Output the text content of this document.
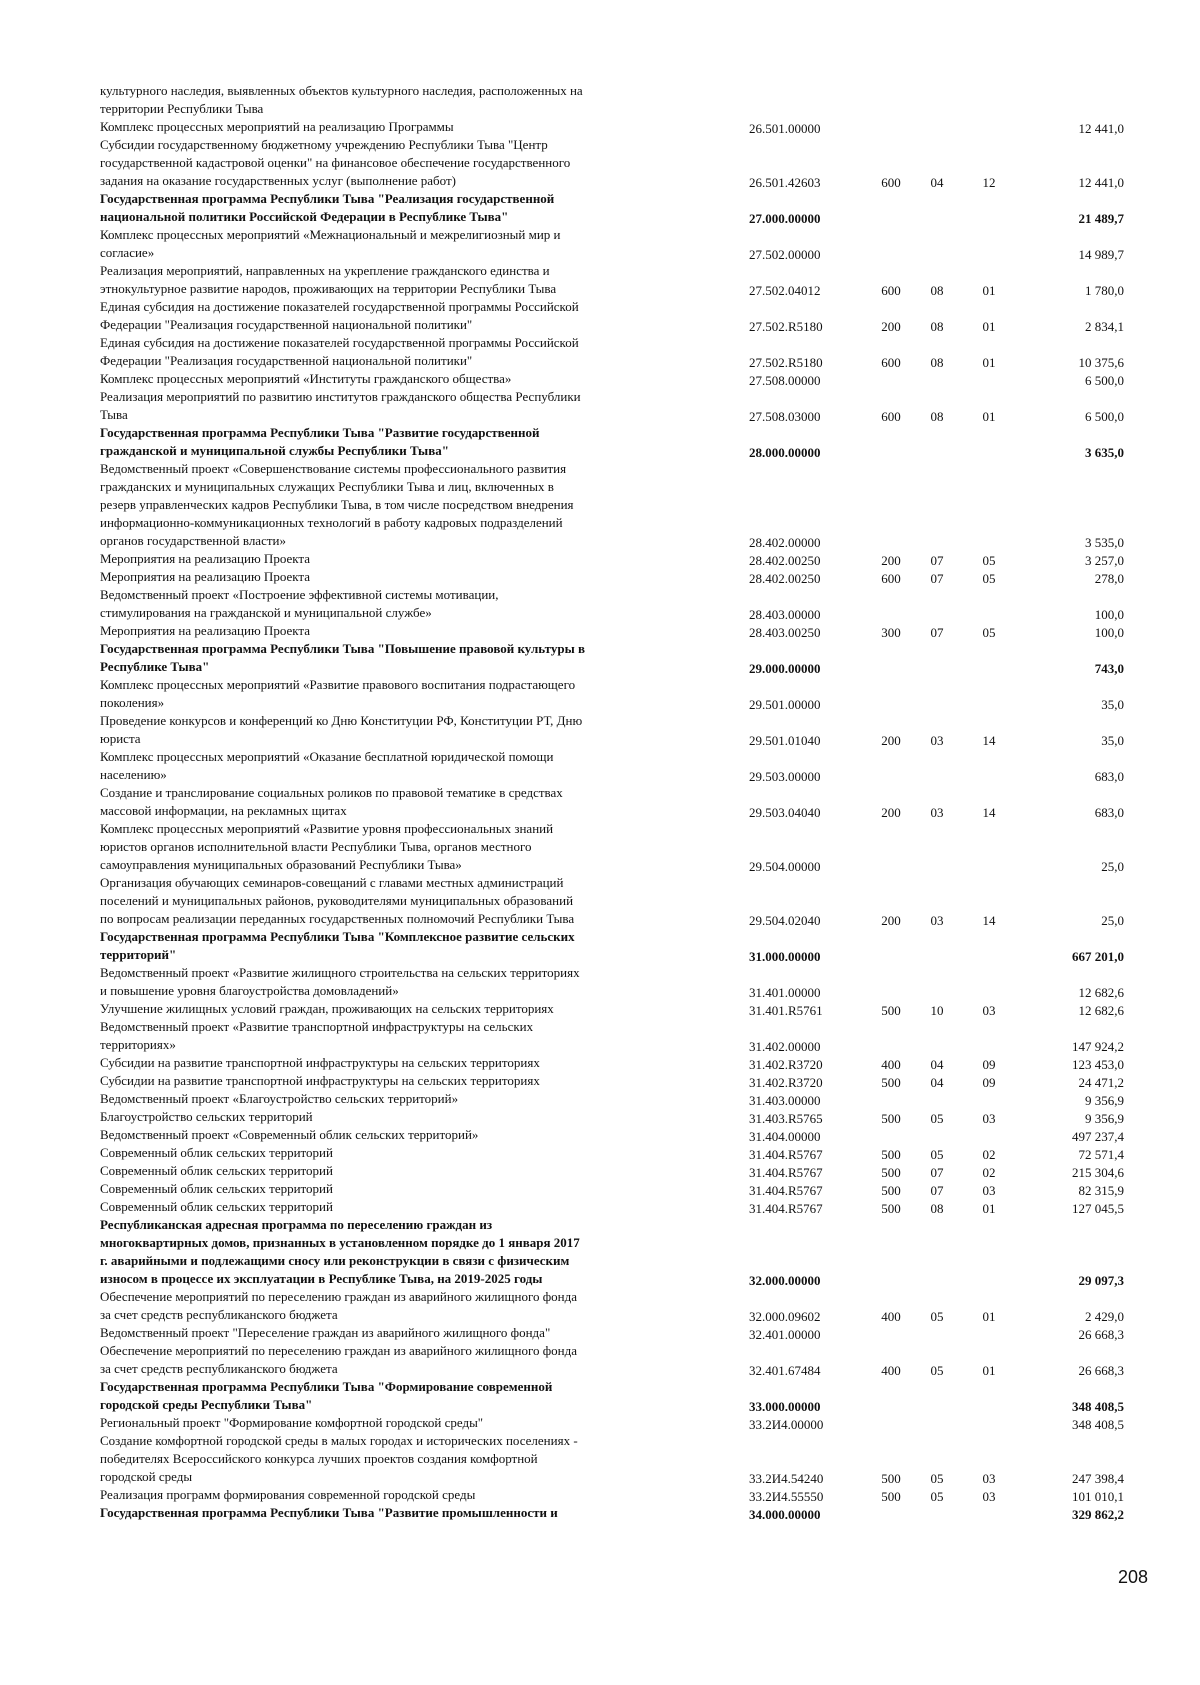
культурного наследия, выявленных объектов культурного наследия, расположенных на
территории Республики Тыва
Комплекс процессных мероприятий на реализацию Программы	26.501.00000	12 441,0
Субсидии государственному бюджетному учреждению Республики Тыва "Центр
государственной кадастровой оценки" на финансовое обеспечение государственного
задания на оказание государственных услуг (выполнение работ)	26.501.42603	600	04	12	12 441,0
Государственная программа Республики Тыва "Реализация государственной
национальной политики Российской Федерации в Республике Тыва"	27.000.00000	21 489,7
Комплекс процессных мероприятий «Межнациональный и межрелигиозный мир и
согласие»	27.502.00000	14 989,7
Реализация мероприятий, направленных на укрепление гражданского единства и
этнокультурное развитие народов, проживающих на территории Республики Тыва	27.502.04012	600	08	01	1 780,0
Единая субсидия на достижение показателей государственной программы Российской
Федерации "Реализация государственной национальной политики"	27.502.R5180	200	08	01	2 834,1
Единая субсидия на достижение показателей государственной программы Российской
Федерации "Реализация государственной национальной политики"	27.502.R5180	600	08	01	10 375,6
Комплекс процессных мероприятий «Институты гражданского общества»	27.508.00000	6 500,0
Реализация мероприятий по развитию институтов гражданского общества Республики
Тыва	27.508.03000	600	08	01	6 500,0
Государственная программа Республики Тыва "Развитие государственной
гражданской и муниципальной службы Республики Тыва"	28.000.00000	3 635,0
Ведомственный проект «Совершенствование системы профессионального развития
гражданских и муниципальных служащих Республики Тыва и лиц, включенных в
резерв управленческих кадров Республики Тыва, в том числе посредством внедрения
информационно-коммуникационных технологий в работу кадровых подразделений
органов государственной власти»	28.402.00000	3 535,0
Мероприятия на реализацию Проекта	28.402.00250	200	07	05	3 257,0
Мероприятия на реализацию Проекта	28.402.00250	600	07	05	278,0
Ведомственный проект «Построение эффективной системы мотивации,
стимулирования на гражданской и муниципальной службе»	28.403.00000	100,0
Мероприятия на реализацию Проекта	28.403.00250	300	07	05	100,0
Государственная программа Республики Тыва "Повышение правовой культуры в
Республике Тыва"	29.000.00000	743,0
Комплекс процессных мероприятий «Развитие правового воспитания подрастающего
поколения»	29.501.00000	35,0
Проведение конкурсов и конференций ко Дню Конституции РФ, Конституции РТ, Дню
юриста	29.501.01040	200	03	14	35,0
Комплекс процессных мероприятий «Оказание бесплатной юридической помощи
населению»	29.503.00000	683,0
Создание и транслирование социальных роликов по правовой тематике в средствах
массовой информации, на рекламных щитах	29.503.04040	200	03	14	683,0
Комплекс процессных мероприятий «Развитие уровня профессиональных знаний
юристов органов исполнительной власти Республики Тыва, органов местного
самоуправления муниципальных образований Республики Тыва»	29.504.00000	25,0
Организация обучающих семинаров-совещаний с главами местных администраций
поселений и муниципальных районов, руководителями муниципальных образований
по вопросам реализации переданных государственных полномочий Республики Тыва	29.504.02040	200	03	14	25,0
Государственная программа Республики Тыва "Комплексное развитие сельских
территорий"	31.000.00000	667 201,0
Ведомственный проект «Развитие жилищного строительства на сельских территориях
и повышение уровня благоустройства домовладений»	31.401.00000	12 682,6
Улучшение жилищных условий граждан, проживающих на сельских территориях	31.401.R5761	500	10	03	12 682,6
Ведомственный проект «Развитие транспортной инфраструктуры на сельских
территориях»	31.402.00000	147 924,2
Субсидии на развитие транспортной инфраструктуры на сельских территориях	31.402.R3720	400	04	09	123 453,0
Субсидии на развитие транспортной инфраструктуры на сельских территориях	31.402.R3720	500	04	09	24 471,2
Ведомственный проект «Благоустройство сельских территорий»	31.403.00000	9 356,9
Благоустройство сельских территорий	31.403.R5765	500	05	03	9 356,9
Ведомственный проект «Современный облик сельских территорий»	31.404.00000	497 237,4
Современный облик сельских территорий	31.404.R5767	500	05	02	72 571,4
Современный облик сельских территорий	31.404.R5767	500	07	02	215 304,6
Современный облик сельских территорий	31.404.R5767	500	07	03	82 315,9
Современный облик сельских территорий	31.404.R5767	500	08	01	127 045,5
Республиканская адресная программа по переселению граждан из
многоквартирных домов, признанных в установленном порядке до 1 января 2017
г. аварийными и подлежащими сносу или реконструкции в связи с физическим
износом в процессе их эксплуатации в Республике Тыва, на 2019-2025 годы	32.000.00000	29 097,3
Обеспечение мероприятий по переселению граждан из аварийного жилищного фонда
за счет средств республиканского бюджета	32.000.09602	400	05	01	2 429,0
Ведомственный проект "Переселение граждан из аварийного жилищного фонда"	32.401.00000	26 668,3
Обеспечение мероприятий по переселению граждан из аварийного жилищного фонда
за счет средств республиканского бюджета	32.401.67484	400	05	01	26 668,3
Государственная программа Республики Тыва "Формирование современной
городской среды Республики Тыва"	33.000.00000	348 408,5
Региональный проект "Формирование комфортной городской среды"	33.2И4.00000	348 408,5
Создание комфортной городской среды в малых городах и исторических поселениях -
победителях Всероссийского конкурса лучших проектов создания комфортной
городской среды	33.2И4.54240	500	05	03	247 398,4
Реализация программ формирования современной городской среды	33.2И4.55550	500	05	03	101 010,1
Государственная программа Республики Тыва "Развитие промышленности и	34.000.00000	329 862,2
208
